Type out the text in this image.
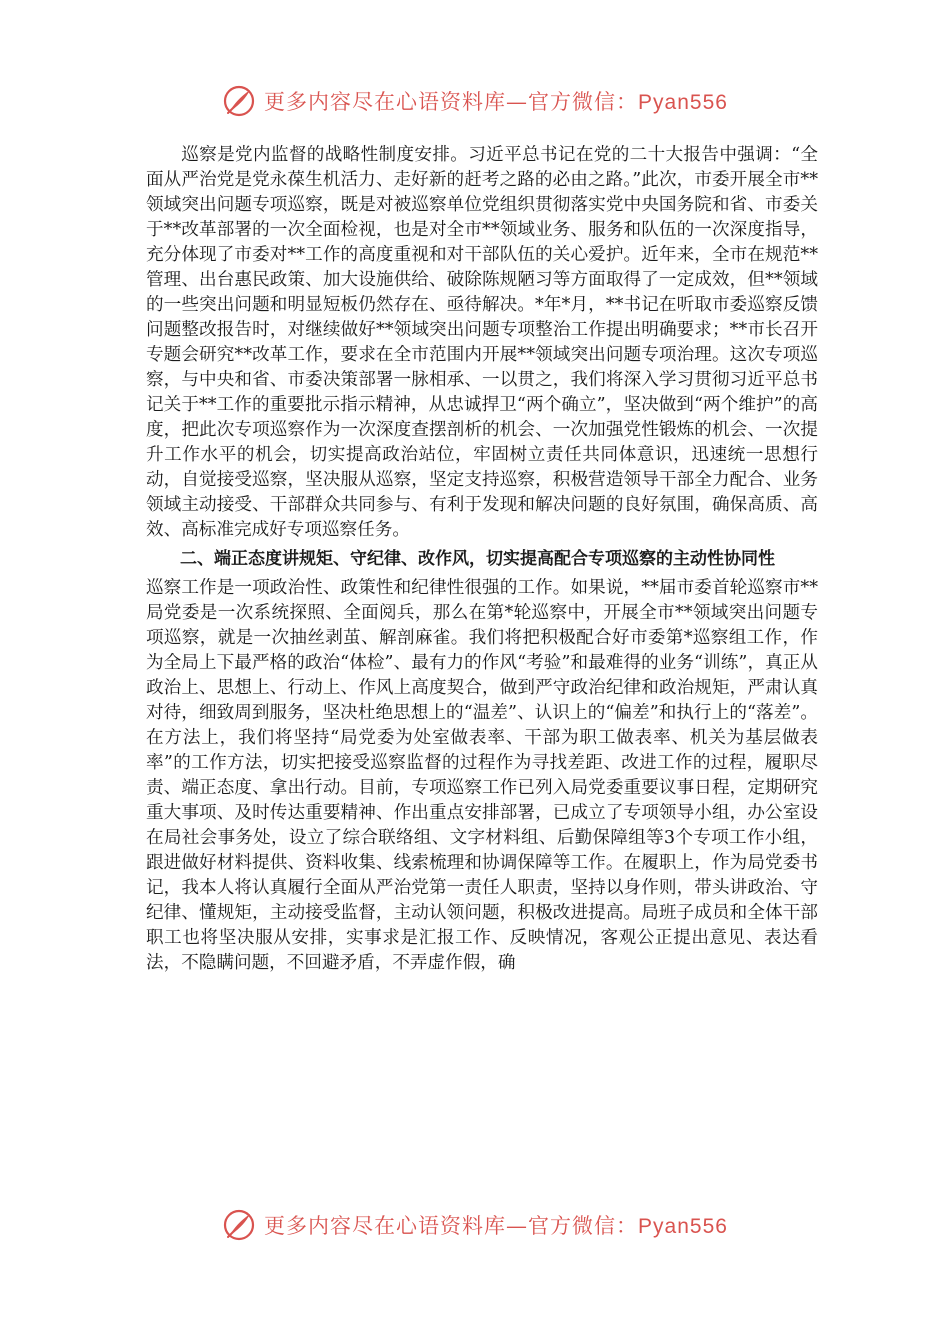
更多内容尽在心语资料库—官方微信：Pyan556

巡察是党内监督的战略性制度安排。习近平总书记在党的二十大报告中强调：“全面从严治党是党永葆生机活力、走好新的赶考之路的必由之路。”此次，市委开展全市**领域突出问题专项巡察，既是对被巡察单位党组织贯彻落实党中央国务院和省、市委关于**改革部署的一次全面检视，也是对全市**领域业务、服务和队伍的一次深度指导，充分体现了市委对**工作的高度重视和对干部队伍的关心爱护。近年来，全市在规范**管理、出台惠民政策、加大设施供给、破除陈规陋习等方面取得了一定成效，但**领域的一些突出问题和明显短板仍然存在、亟待解决。*年*月，**书记在听取市委巡察反馈问题整改报告时，对继续做好**领域突出问题专项整治工作提出明确要求；**市长召开专题会研究**改革工作，要求在全市范围内开展**领域突出问题专项治理。这次专项巡察，与中央和省、市委决策部署一脉相承、一以贯之，我们将深入学习贯彻习近平总书记关于**工作的重要批示指示精神，从忠诚捍卫“两个确立”，坚决做到“两个维护”的高度，把此次专项巡察作为一次深度查摆剖析的机会、一次加强党性锻炼的机会、一次提升工作水平的机会，切实提高政治站位，牢固树立责任共同体意识，迅速统一思想行动，自觉接受巡察，坚决服从巡察，坚定支持巡察，积极营造领导干部全力配合、业务领域主动接受、干部群众共同参与、有利于发现和解决问题的良好氛围，确保高质、高效、高标准完成好专项巡察任务。

二、端正态度讲规矩、守纪律、改作风，切实提高配合专项巡察的主动性协同性

巡察工作是一项政治性、政策性和纪律性很强的工作。如果说，**届市委首轮巡察市**局党委是一次系统探照、全面阅兵，那么在第*轮巡察中，开展全市**领域突出问题专项巡察，就是一次抽丝剥茧、解剖麻雀。我们将把积极配合好市委第*巡察组工作，作为全局上下最严格的政治“体检”、最有力的作风“考验”和最难得的业务“训练”，真正从政治上、思想上、行动上、作风上高度契合，做到严守政治纪律和政治规矩，严肃认真对待，细致周到服务，坚决杜绝思想上的“温差”、认识上的“偏差”和执行上的“落差”。在方法上，我们将坚持“局党委为处室做表率、干部为职工做表率、机关为基层做表率”的工作方法，切实把接受巡察监督的过程作为寻找差距、改进工作的过程，履职尽责、端正态度、拿出行动。目前，专项巡察工作已列入局党委重要议事日程，定期研究重大事项、及时传达重要精神、作出重点安排部署，已成立了专项领导小组，办公室设在局社会事务处，设立了综合联络组、文字材料组、后勤保障组等3个专项工作小组，跟进做好材料提供、资料收集、线索梳理和协调保障等工作。在履职上，作为局党委书记，我本人将认真履行全面从严治党第一责任人职责，坚持以身作则，带头讲政治、守纪律、懂规矩，主动接受监督，主动认领问题，积极改进提高。局班子成员和全体干部职工也将坚决服从安排，实事求是汇报工作、反映情况，客观公正提出意见、表达看法，不隐瞒问题，不回避矛盾，不弄虚作假，确

更多内容尽在心语资料库—官方微信：Pyan556
